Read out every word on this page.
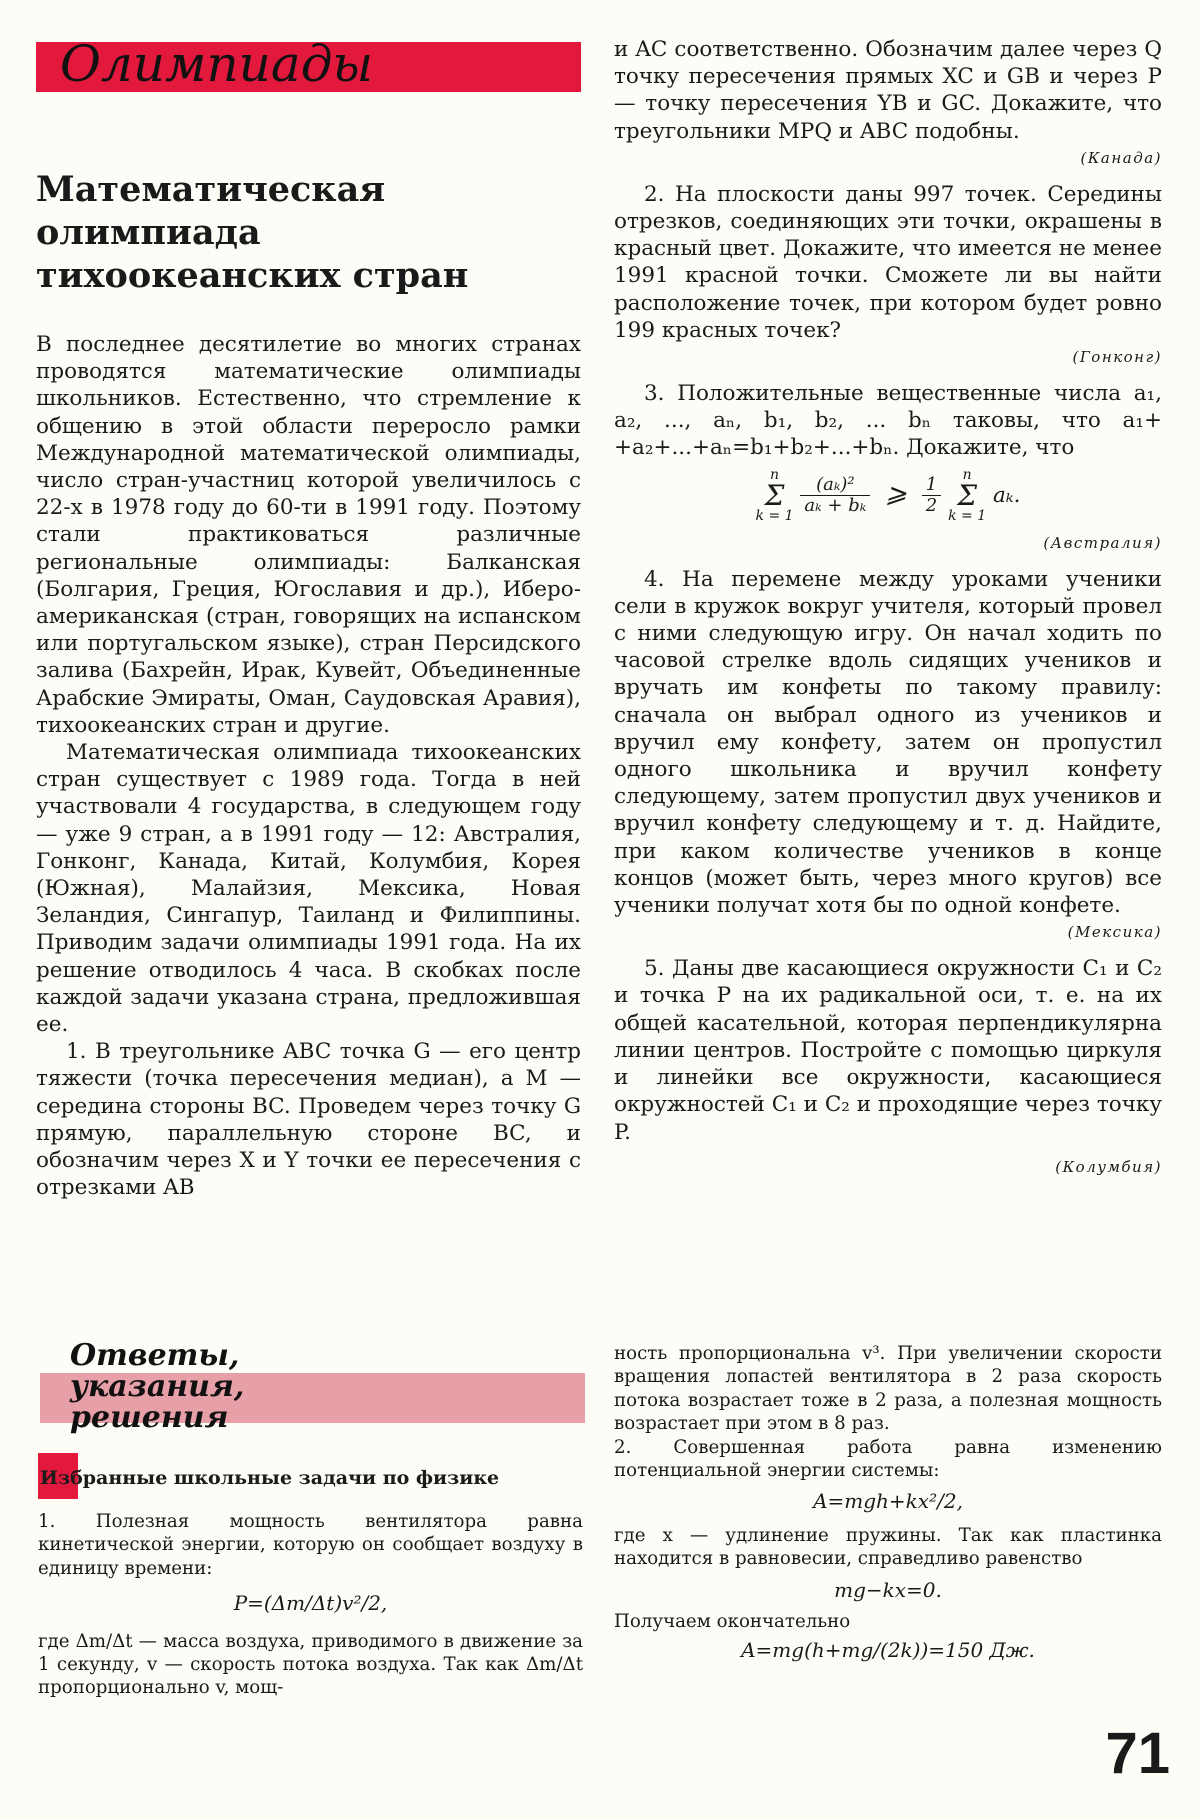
Олимпиады
Математическая олимпиада тихоокеанских стран

В последнее десятилетие во многих странах проводятся математические олимпиады школьников. Естественно, что стремление к общению в этой области переросло рамки Международной математической олимпиады, число стран-участниц которой увеличилось с 22-х в 1978 году до 60-ти в 1991 году. Поэтому стали практиковаться различные региональные олимпиады: Балканская (Болгария, Греция, Югославия и др.), Иберо-американская (стран, говорящих на испанском или португальском языке), стран Персидского залива (Бахрейн, Ирак, Кувейт, Объединенные Арабские Эмираты, Оман, Саудовская Аравия), тихоокеанских стран и другие.

Математическая олимпиада тихоокеанских стран существует с 1989 года. Тогда в ней участвовали 4 государства, в следующем году — уже 9 стран, а в 1991 году — 12: Австралия, Гонконг, Канада, Китай, Колумбия, Корея (Южная), Малайзия, Мексика, Новая Зеландия, Сингапур, Таиланд и Филиппины. Приводим задачи олимпиады 1991 года. На их решение отводилось 4 часа. В скобках после каждой задачи указана страна, предложившая ее.

1. В треугольнике ABC точка G — его центр тяжести (точка пересечения медиан), а M — середина стороны BC. Проведем через точку G прямую, параллельную стороне BC, и обозначим через X и Y точки ее пересечения с отрезками AB

и AC соответственно. Обозначим далее через Q точку пересечения прямых XC и GB и через P — точку пересечения YB и GC. Докажите, что треугольники MPQ и ABC подобны.

(Канада)

2. На плоскости даны 997 точек. Середины отрезков, соединяющих эти точки, окрашены в красный цвет. Докажите, что имеется не менее 1991 красной точки. Сможете ли вы найти расположение точек, при котором будет ровно 199 красных точек?

(Гонконг)

3. Положительные вещественные числа a₁, a₂, ..., aₙ, b₁, b₂, ... bₙ таковы, что a₁+ +a₂+...+aₙ=b₁+b₂+...+bₙ. Докажите, что

n
Σ
$k = 1 \frac{\text{(aₖ)²}}{\text{aₖ + bₖ}}$ ⩾ $\frac{1}{2}$
n
Σ
k = 1 aₖ.
(Австралия)

4. На перемене между уроками ученики сели в кружок вокруг учителя, который провел с ними следующую игру. Он начал ходить по часовой стрелке вдоль сидящих учеников и вручать им конфеты по такому правилу: сначала он выбрал одного из учеников и вручил ему конфету, затем он пропустил одного школьника и вручил конфету следующему, затем пропустил двух учеников и вручил конфету следующему и т. д. Найдите, при каком количестве учеников в конце концов (может быть, через много кругов) все ученики получат хотя бы по одной конфете.

(Мексика)

5. Даны две касающиеся окружности C₁ и C₂ и точка P на их радикальной оси, т. е. на их общей касательной, которая перпендикулярна линии центров. Постройте с помощью циркуля и линейки все окружности, касающиеся окружностей C₁ и C₂ и проходящие через точку P.

(Колумбия)
Ответы,
указания,
решения
Избранные школьные задачи по физике

1. Полезная мощность вентилятора равна кинетической энергии, которую он сообщает воздуху в единицу времени:

P=(Δm/Δt)v²/2,

где Δm/Δt — масса воздуха, приводимого в движение за 1 секунду, v — скорость потока воздуха. Так как Δm/Δt пропорционально v, мощ-

ность пропорциональна v³. При увеличении скорости вращения лопастей вентилятора в 2 раза скорость потока возрастает тоже в 2 раза, а полезная мощность возрастает при этом в 8 раз.

2. Совершенная работа равна изменению потенциальной энергии системы:

A=mgh+kx²/2,

где x — удлинение пружины. Так как пластинка находится в равновесии, справедливо равенство

mg−kx=0.

Получаем окончательно

A=mg(h+mg/(2k))=150 Дж.
71
